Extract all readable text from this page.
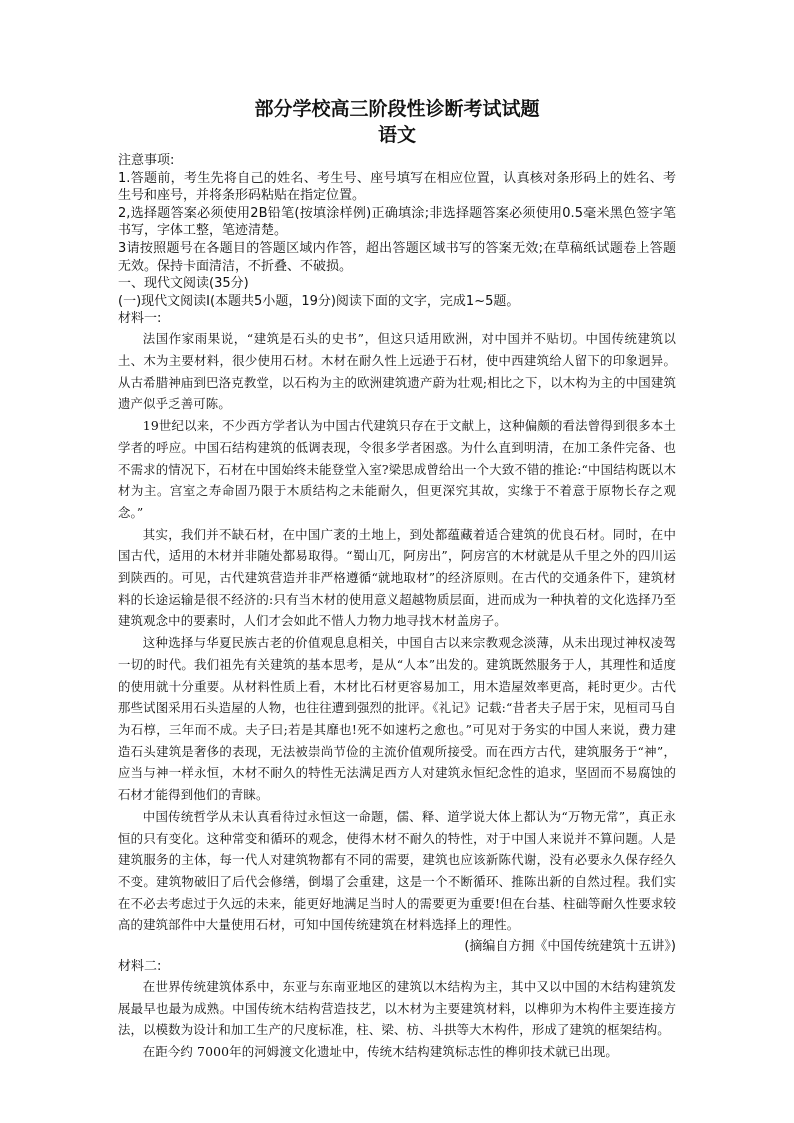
部分学校高三阶段性诊断考试试题
语文

注意事项:

1.答题前，考生先将自己的姓名、考生号、座号填写在相应位置，认真核对条形码上的姓名、考生号和座号，并将条形码粘贴在指定位置。

2,选择题答案必须使用2B铅笔(按填涂样例)正确填涂;非选择题答案必须使用0.5毫米黑色签字笔书写，字体工整，笔迹清楚。

3请按照题号在各题目的答题区域内作答，超出答题区域书写的答案无效;在草稿纸试题卷上答题无效。保持卡面清洁，不折叠、不破损。

一、现代文阅读(35分)

(一)现代文阅读I(本题共5小题，19分)阅读下面的文字，完成1~5题。

材料一:

法国作家雨果说，“建筑是石头的史书”，但这只适用欧洲，对中国并不贴切。中国传统建筑以土、木为主要材料，很少使用石材。木材在耐久性上远逊于石材，使中西建筑给人留下的印象迥异。从古希腊神庙到巴洛克教堂，以石构为主的欧洲建筑遗产蔚为壮观;相比之下，以木构为主的中国建筑遗产似乎乏善可陈。

19世纪以来，不少西方学者认为中国古代建筑只存在于文献上，这种偏颇的看法曾得到很多本土学者的呼应。中国石结构建筑的低调表现，令很多学者困惑。为什么直到明清，在加工条件完备、也不需求的情况下，石材在中国始终未能登堂入室?梁思成曾给出一个大致不错的推论:“中国结构既以木材为主。宫室之寿命固乃限于木质结构之未能耐久，但更深究其故，实缘于不着意于原物长存之观念。”

其实，我们并不缺石材，在中国广袤的土地上，到处都蕴藏着适合建筑的优良石材。同时，在中国古代，适用的木材并非随处都易取得。“蜀山兀，阿房出”，阿房宫的木材就是从千里之外的四川运到陕西的。可见，古代建筑营造并非严格遵循“就地取材”的经济原则。在古代的交通条件下，建筑材料的长途运输是很不经济的:只有当木材的使用意义超越物质层面，进而成为一种执着的文化选择乃至建筑观念中的要素时，人们才会如此不惜人力物力地寻找木材盖房子。

这种选择与华夏民族古老的价值观息息相关，中国自古以来宗教观念淡薄，从未出现过神权凌驾一切的时代。我们祖先有关建筑的基本思考，是从“人本”出发的。建筑既然服务于人，其理性和适度的使用就十分重要。从材料性质上看，木材比石材更容易加工，用木造屋效率更高，耗时更少。古代那些试图采用石头造屋的人物，也往往遭到强烈的批评。《礼记》记载:“昔者夫子居于宋，见桓司马自为石椁，三年而不成。夫子曰;若是其靡也!死不如速朽之愈也。”可见对于务实的中国人来说，费力建造石头建筑是奢侈的表现，无法被崇尚节俭的主流价值观所接受。而在西方古代，建筑服务于“神”，应当与神一样永恒，木材不耐久的特性无法满足西方人对建筑永恒纪念性的追求，坚固而不易腐蚀的石材才能得到他们的青睐。

中国传统哲学从未认真看待过永恒这一命题，儒、释、道学说大体上都认为“万物无常”，真正永恒的只有变化。这种常变和循环的观念，使得木材不耐久的特性，对于中国人来说并不算问题。人是建筑服务的主体，每一代人对建筑物都有不同的需要，建筑也应该新陈代谢，没有必要永久保存经久不变。建筑物破旧了后代会修缮，倒塌了会重建，这是一个不断循环、推陈出新的自然过程。我们实在不必去考虑过于久远的未来，能更好地满足当时人的需要更为重要!但在台基、柱础等耐久性要求较高的建筑部件中大量使用石材，可知中国传统建筑在材料选择上的理性。

(摘编自方拥《中国传统建筑十五讲》)

材料二:

在世界传统建筑体系中，东亚与东南亚地区的建筑以木结构为主，其中又以中国的木结构建筑发展最早也最为成熟。中国传统木结构营造技艺，以木材为主要建筑材料，以榫卯为木构件主要连接方法，以模数为设计和加工生产的尺度标准，柱、梁、枋、斗拱等大木构件，形成了建筑的框架结构。

在距今约 7000年的河姆渡文化遗址中，传统木结构建筑标志性的榫卯技术就已出现。
